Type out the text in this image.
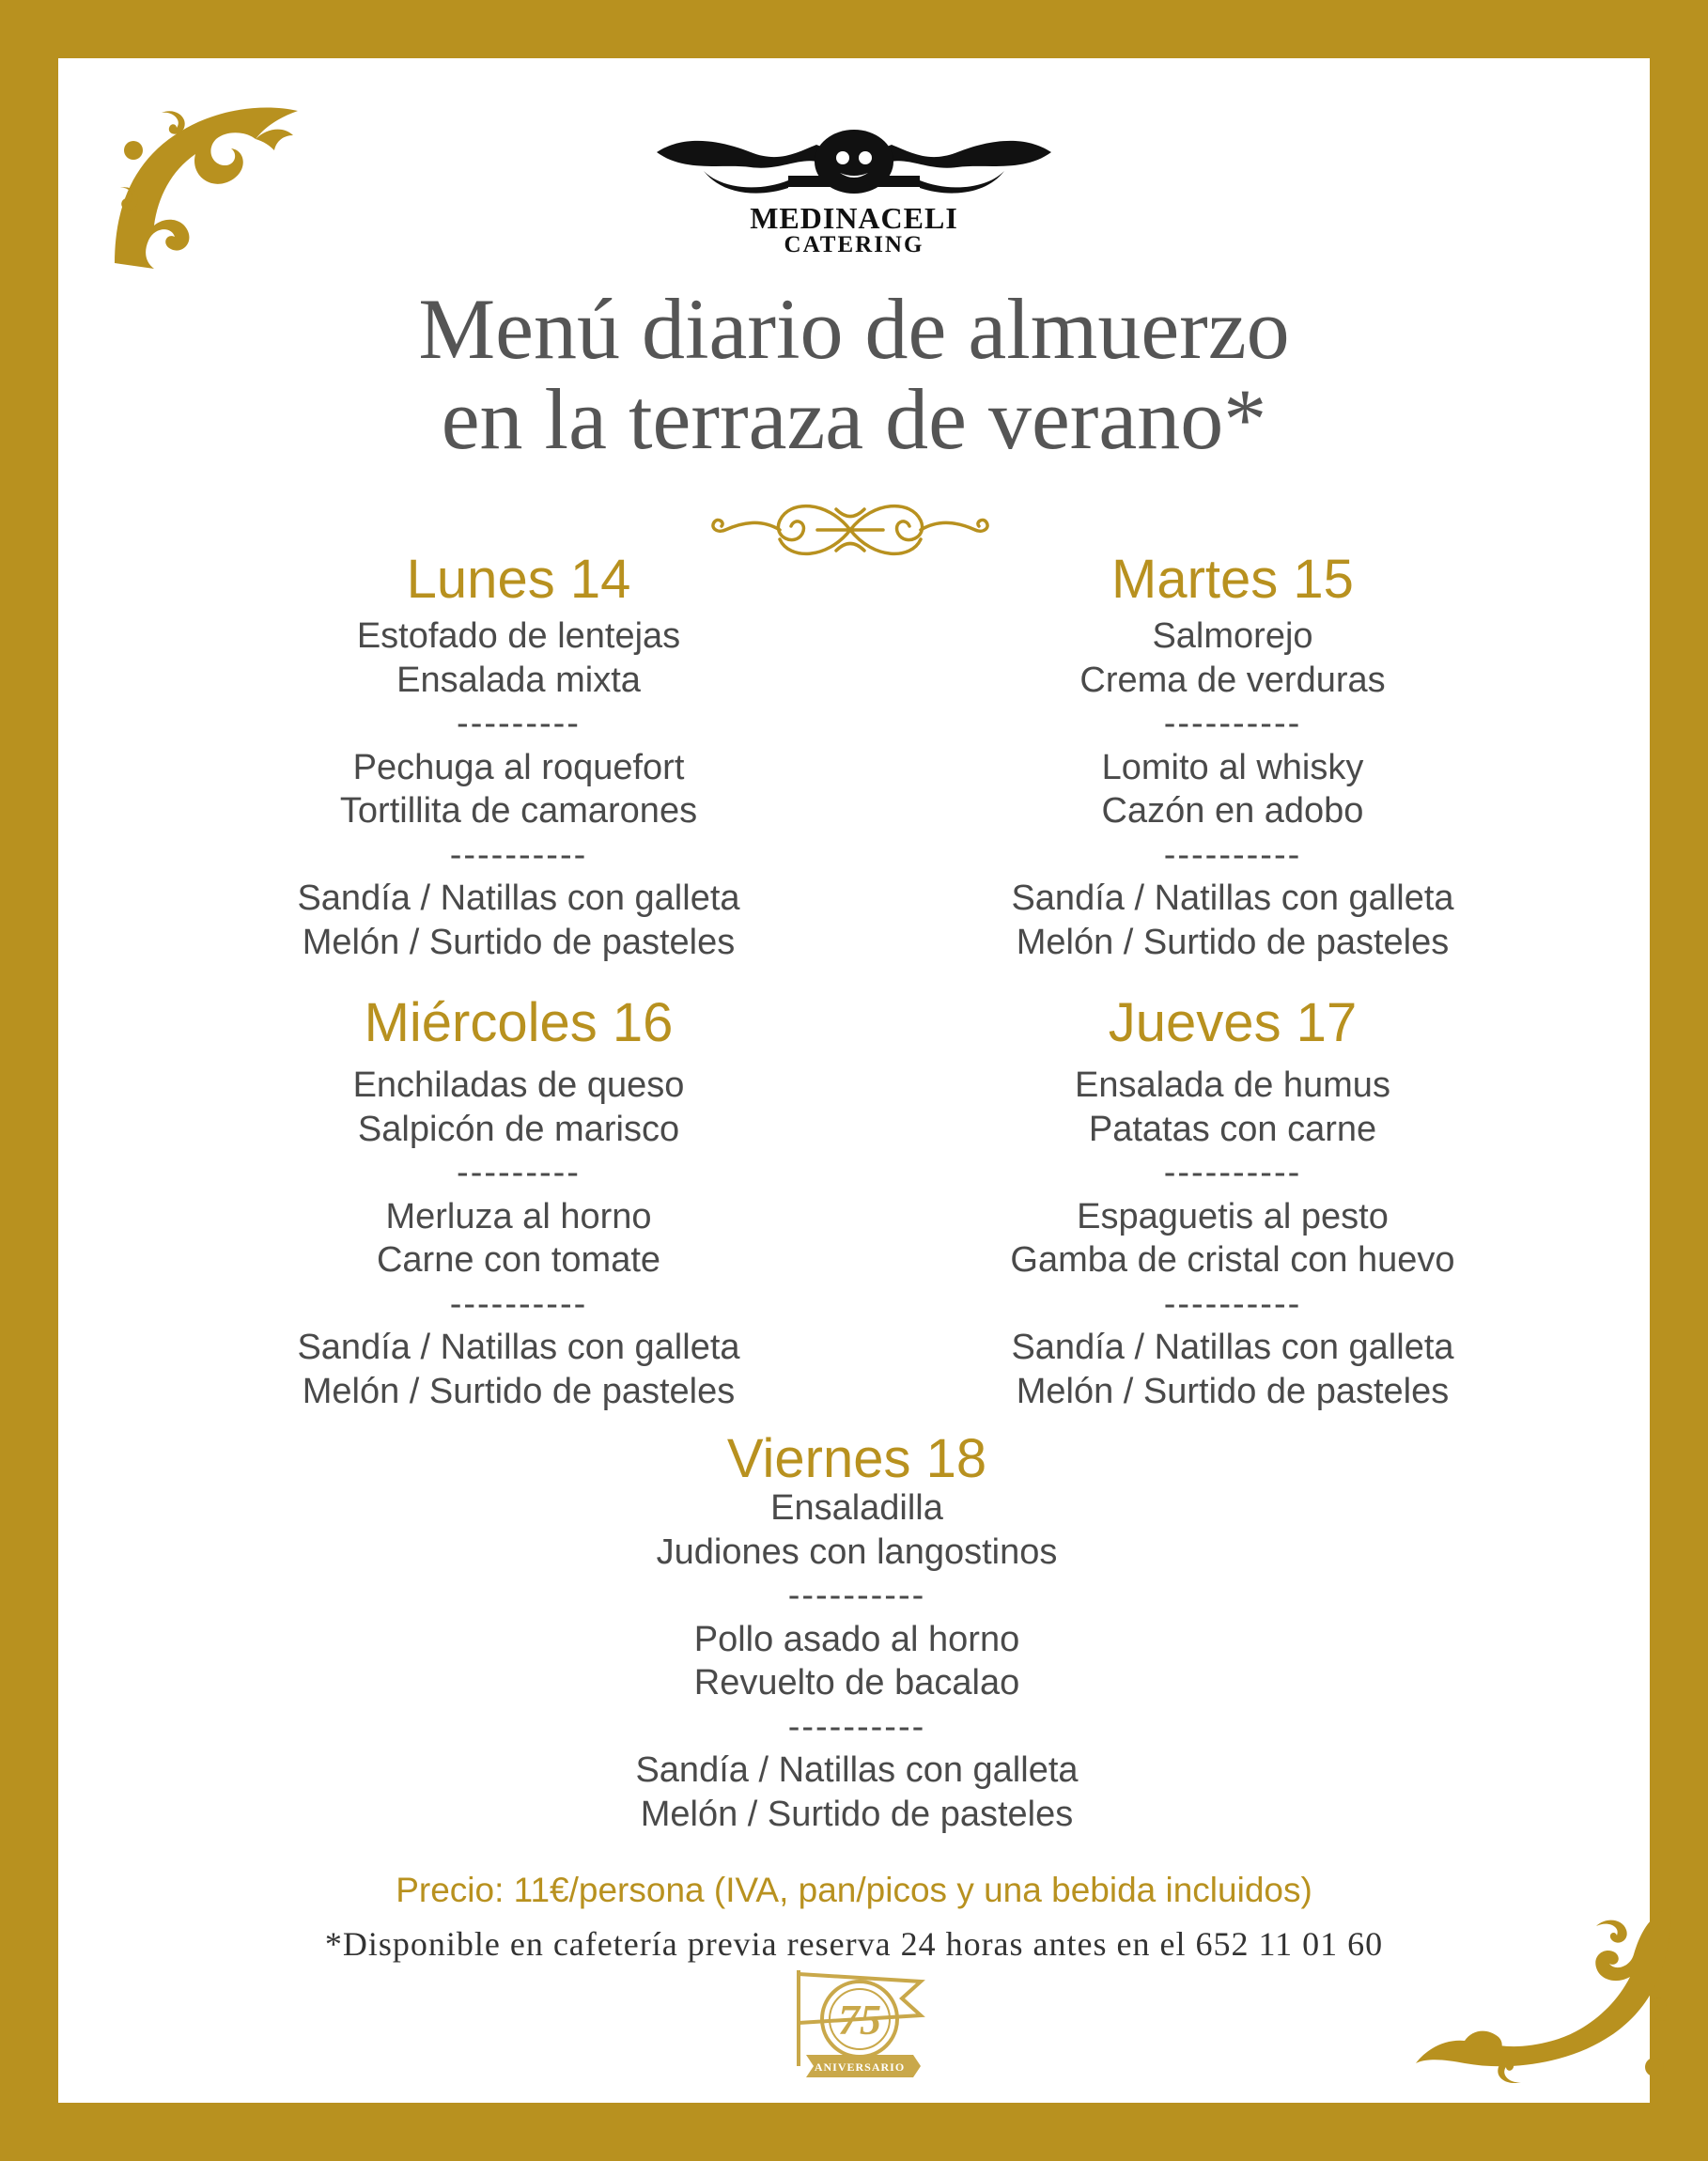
MEDINACELI
CATERING
Menú diario de almuerzo
en la terraza de verano*
Lunes 14
Estofado de lentejas
Ensalada mixta
---------
Pechuga al roquefort
Tortillita de camarones
----------
Sandía / Natillas con galleta
Melón / Surtido de pasteles
Martes 15
Salmorejo
Crema de verduras
----------
Lomito al whisky
Cazón en adobo
----------
Sandía / Natillas con galleta
Melón / Surtido de pasteles
Miércoles 16
Enchiladas de queso
Salpicón de marisco
---------
Merluza al horno
Carne con tomate
----------
Sandía / Natillas con galleta
Melón / Surtido de pasteles
Jueves 17
Ensalada de humus
Patatas con carne
----------
Espaguetis al pesto
Gamba de cristal con huevo
----------
Sandía / Natillas con galleta
Melón / Surtido de pasteles
Viernes 18
Ensaladilla
Judiones con langostinos
----------
Pollo asado al horno
Revuelto de bacalao
----------
Sandía / Natillas con galleta
Melón / Surtido de pasteles
Precio: 11€/persona (IVA, pan/picos y una bebida incluidos)
*Disponible en cafetería previa reserva 24 horas antes en el 652 11 01 60
75
ANIVERSARIO
